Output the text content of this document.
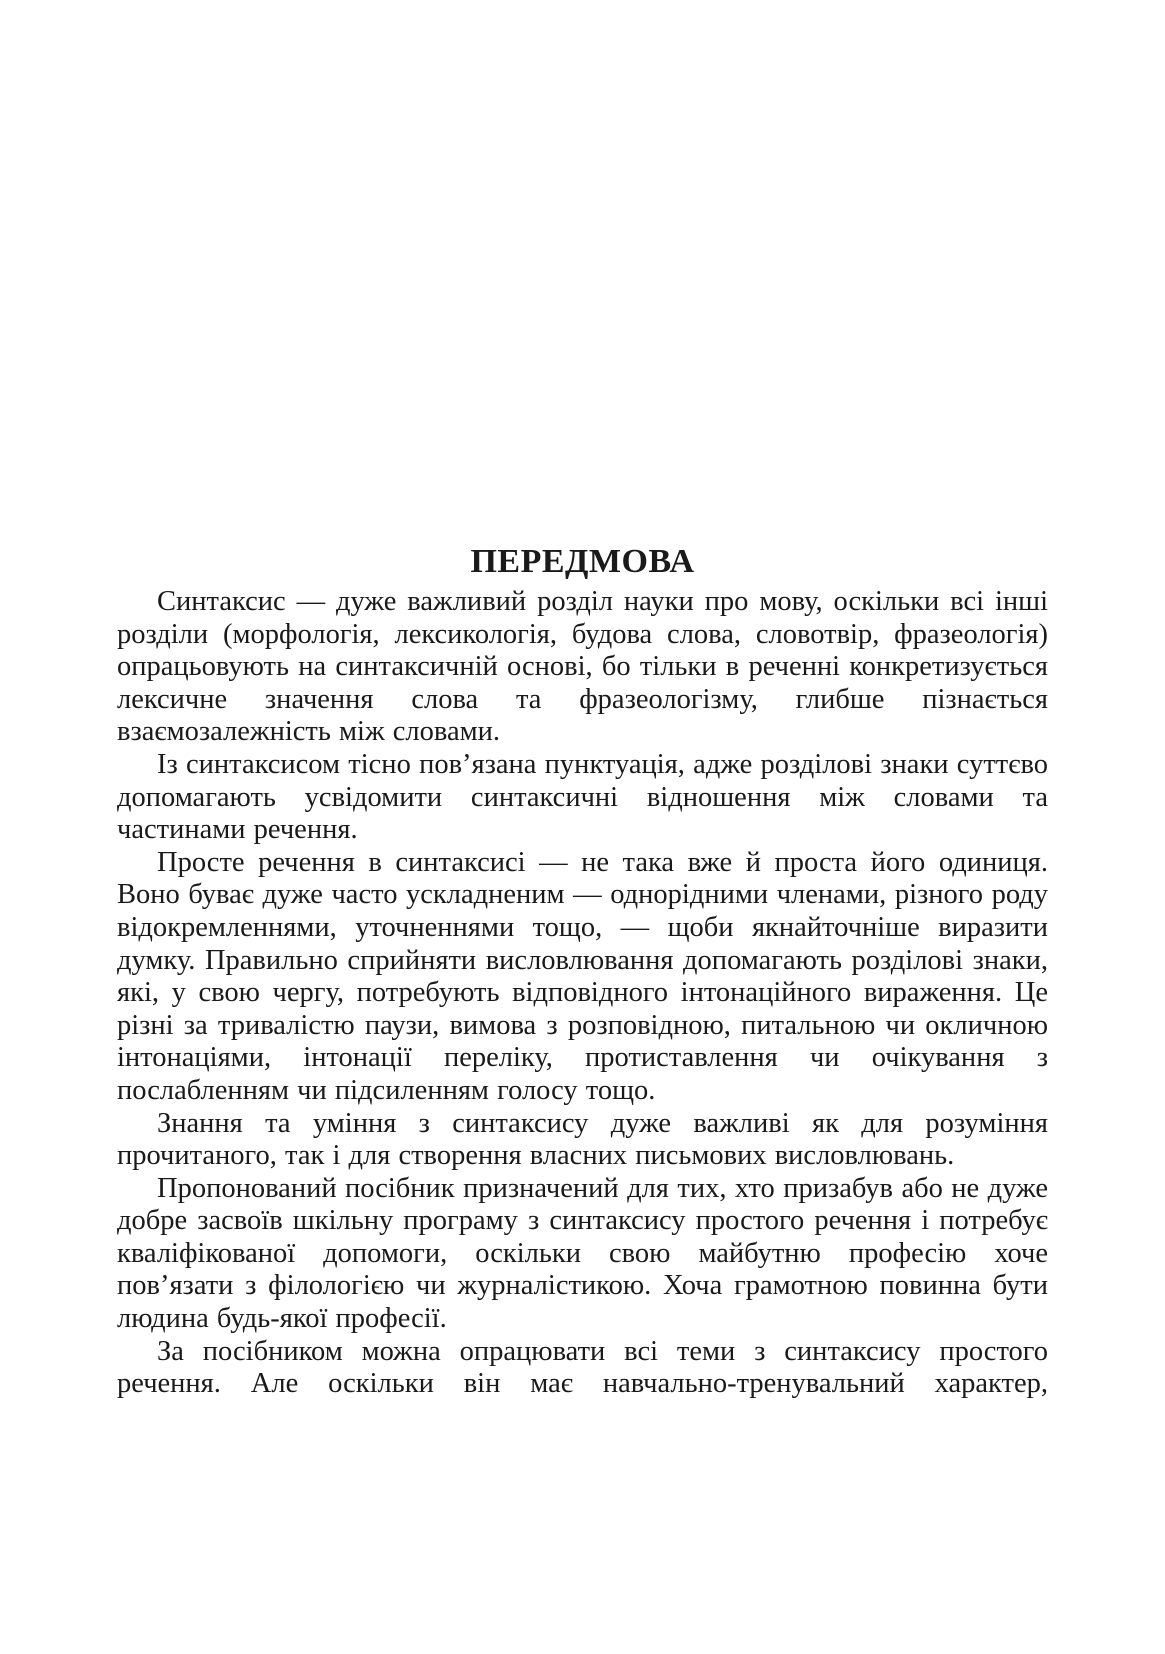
ПЕРЕДМОВА

Синтаксис — дуже важливий розділ науки про мову, оскільки всі інші розділи (морфологія, лексикологія, будова слова, словотвір, фразеологія) опрацьовують на синтаксичній основі, бо тільки в реченні конкретизується лексичне значення слова та фразеологізму, глибше пізнається взаємозалежність між словами.

Із синтаксисом тісно пов’язана пунктуація, адже розділові знаки суттєво допомагають усвідомити синтаксичні відношення між словами та частинами речення.

Просте речення в синтаксисі — не така вже й проста його одиниця. Воно буває дуже часто ускладненим — однорідними членами, різного роду відокремленнями, уточненнями тощо, — щоби якнайточніше виразити думку. Правильно сприйняти висловлювання допомагають розділові знаки, які, у свою чергу, потребують відповідного інтонаційного вираження. Це різні за тривалістю паузи, вимова з розповідною, питальною чи окличною інтонаціями, інтонації переліку, протиставлення чи очікування з послабленням чи підсиленням голосу тощо.

Знання та уміння з синтаксису дуже важливі як для розуміння прочитаного, так і для створення власних письмових висловлювань.

Пропонований посібник призначений для тих, хто призабув або не дуже добре засвоїв шкільну програму з синтаксису простого речення і потребує кваліфікованої допомоги, оскільки свою майбутню професію хоче пов’язати з філологією чи журналістикою. Хоча грамотною повинна бути людина будь-якої професії.

За посібником можна опрацювати всі теми з синтаксису простого речення. Але оскільки він має навчально-тренувальний характер,
